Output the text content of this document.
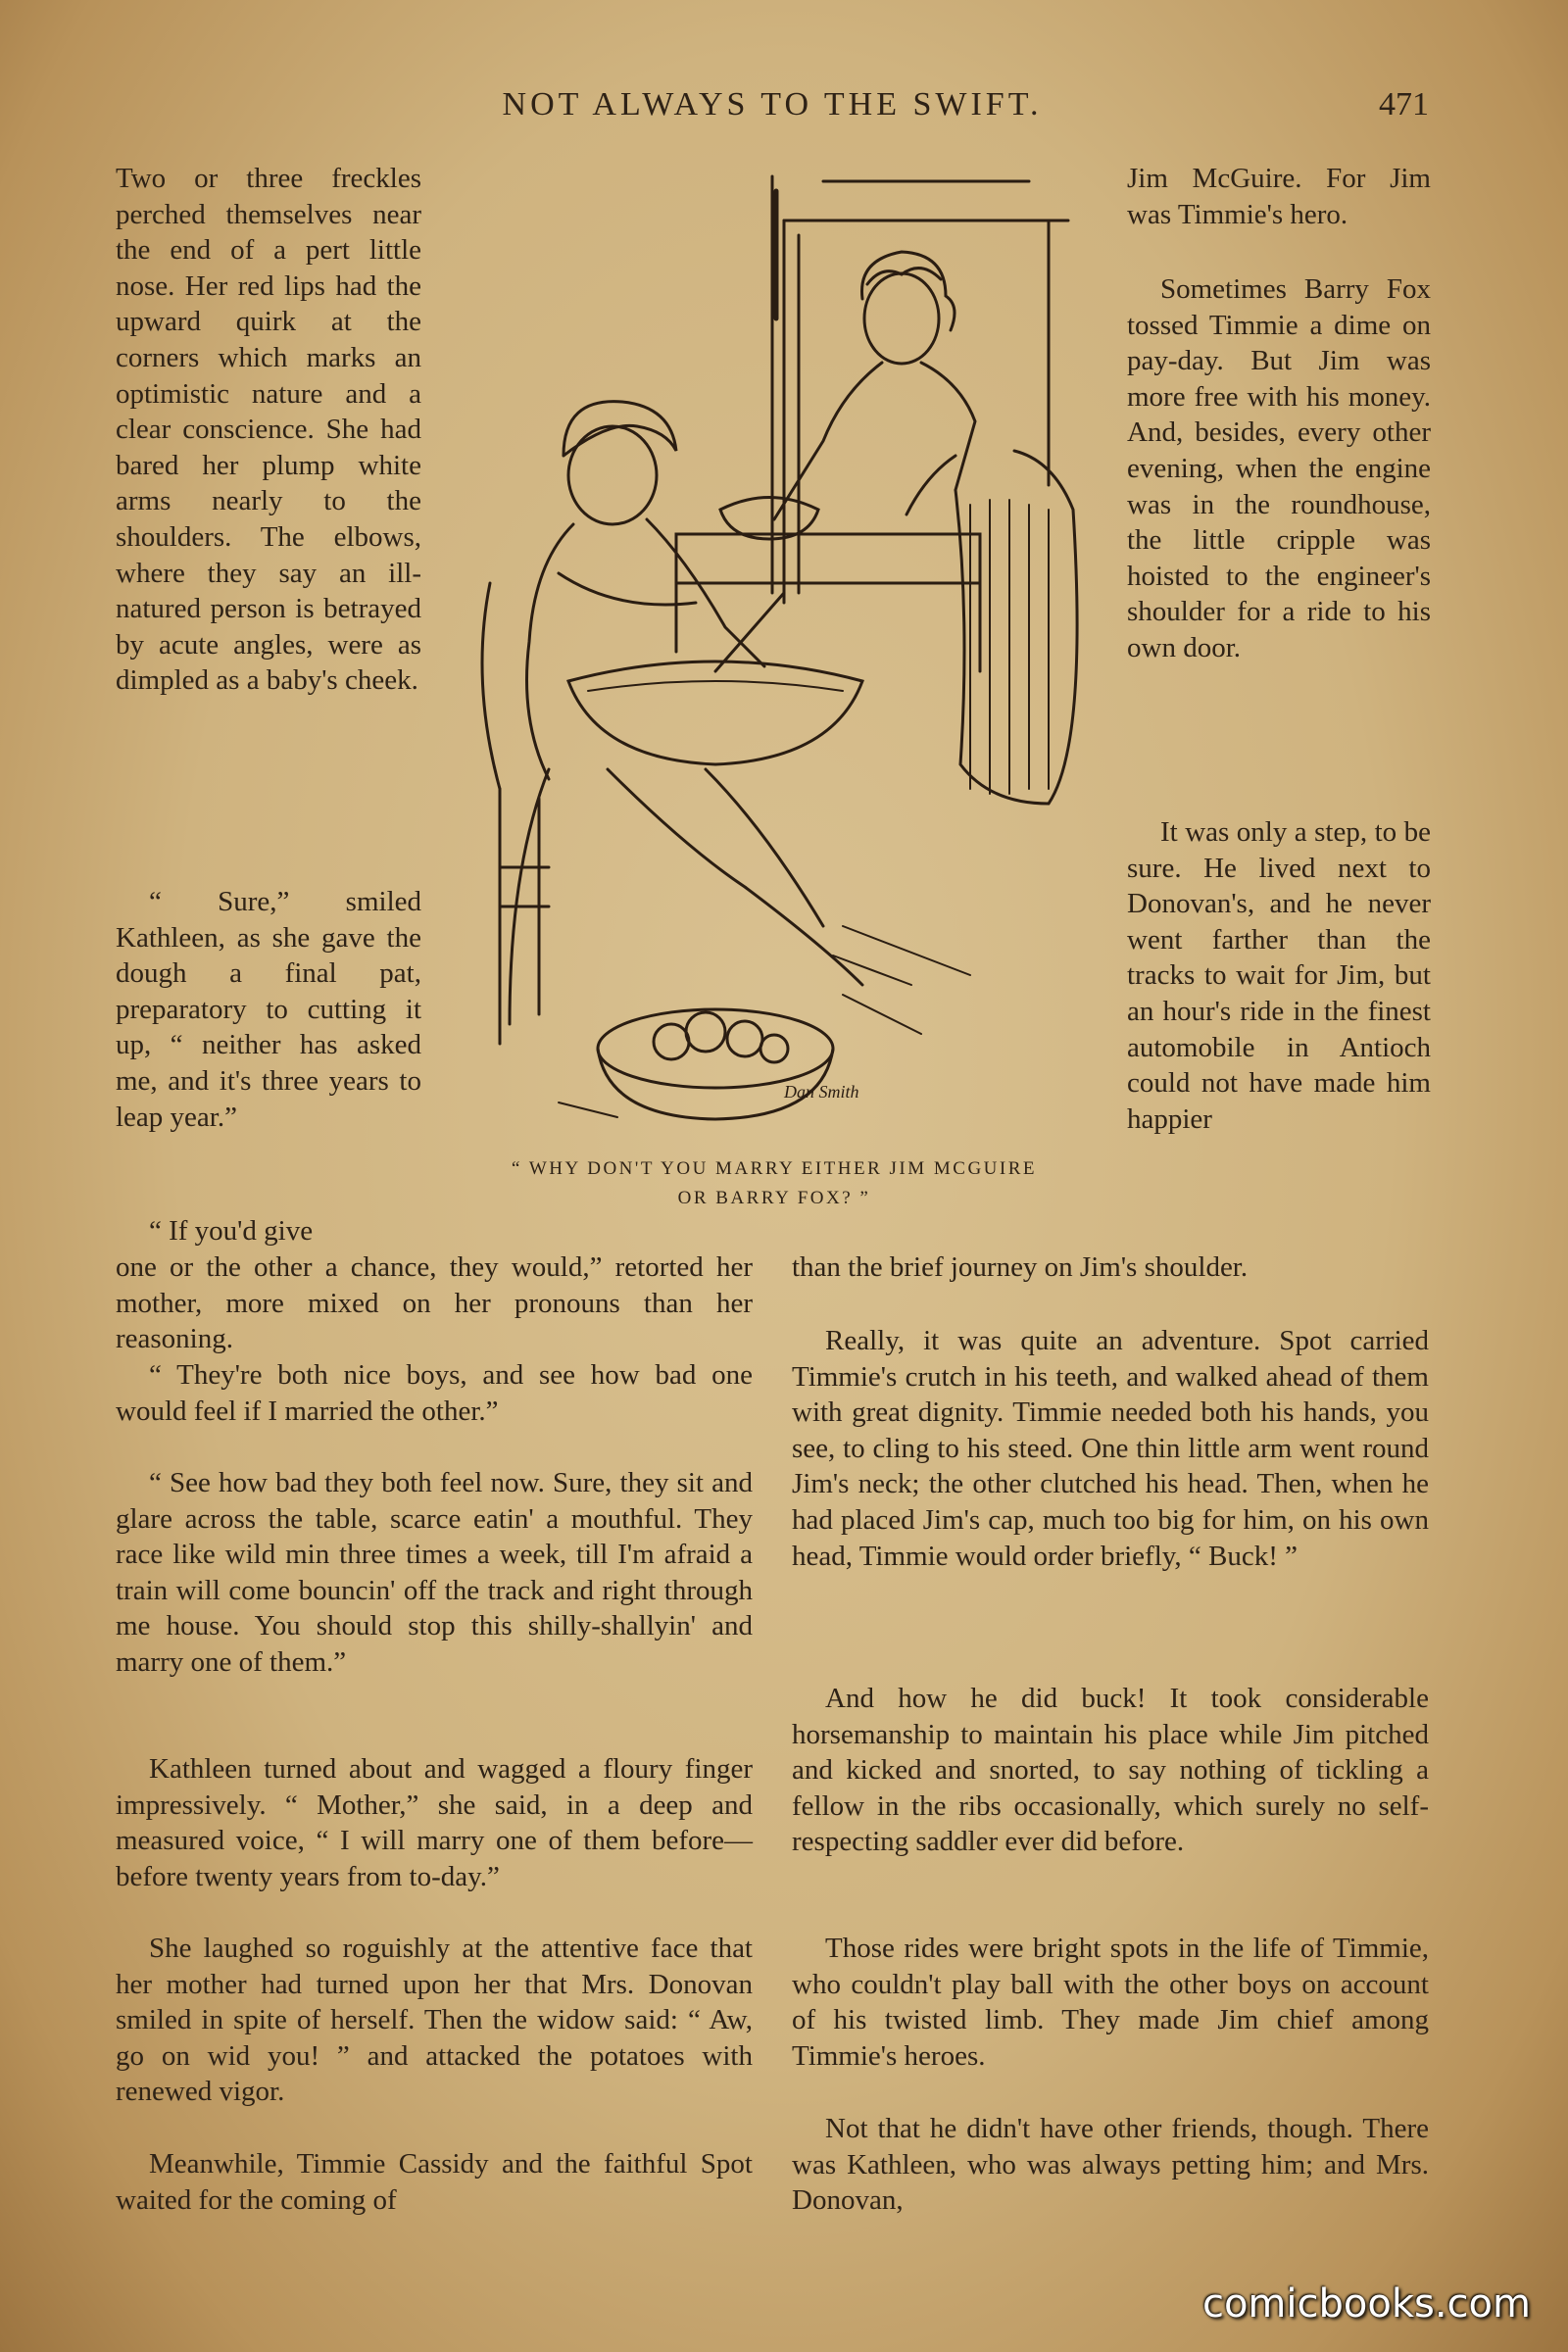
NOT ALWAYS TO THE SWIFT.	471

Two or three freckles perched themselves near the end of a pert little nose. Her red lips had the upward quirk at the corners which marks an optimistic nature and a clear conscience. She had bared her plump white arms nearly to the shoulders. The elbows, where they say an ill-natured person is betrayed by acute angles, were as dimpled as a baby's cheek.

“ Sure,” smiled Kathleen, as she gave the dough a final pat, preparatory to cutting it up, “ neither has asked me, and it's three years to leap year.”

“ If you'd give

Jim McGuire. For Jim was Timmie's hero.

Sometimes Barry Fox tossed Timmie a dime on pay-day. But Jim was more free with his money. And, besides, every other evening, when the engine was in the roundhouse, the little cripple was hoisted to the engineer's shoulder for a ride to his own door.

It was only a step, to be sure. He lived next to Donovan's, and he never went farther than the tracks to wait for Jim, but an hour's ride in the finest automobile in Antioch could not have made him happier

Dan Smith
“ WHY DON'T YOU MARRY EITHER JIM MCGUIRE
OR BARRY FOX? ”

one or the other a chance, they would,” retorted her mother, more mixed on her pronouns than her reasoning.

“ They're both nice boys, and see how bad one would feel if I married the other.”

“ See how bad they both feel now. Sure, they sit and glare across the table, scarce eatin' a mouthful. They race like wild min three times a week, till I'm afraid a train will come bouncin' off the track and right through me house. You should stop this shilly-shallyin' and marry one of them.”

Kathleen turned about and wagged a floury finger impressively. “ Mother,” she said, in a deep and measured voice, “ I will marry one of them before—before twenty years from to-day.”

She laughed so roguishly at the attentive face that her mother had turned upon her that Mrs. Donovan smiled in spite of herself. Then the widow said: “ Aw, go on wid you! ” and attacked the potatoes with renewed vigor.

Meanwhile, Timmie Cassidy and the faithful Spot waited for the coming of

than the brief journey on Jim's shoulder.

Really, it was quite an adventure. Spot carried Timmie's crutch in his teeth, and walked ahead of them with great dignity. Timmie needed both his hands, you see, to cling to his steed. One thin little arm went round Jim's neck; the other clutched his head. Then, when he had placed Jim's cap, much too big for him, on his own head, Timmie would order briefly, “ Buck! ”

And how he did buck! It took considerable horsemanship to maintain his place while Jim pitched and kicked and snorted, to say nothing of tickling a fellow in the ribs occasionally, which surely no self-respecting saddler ever did before.

Those rides were bright spots in the life of Timmie, who couldn't play ball with the other boys on account of his twisted limb. They made Jim chief among Timmie's heroes.

Not that he didn't have other friends, though. There was Kathleen, who was always petting him; and Mrs. Donovan,

comicbooks.com
